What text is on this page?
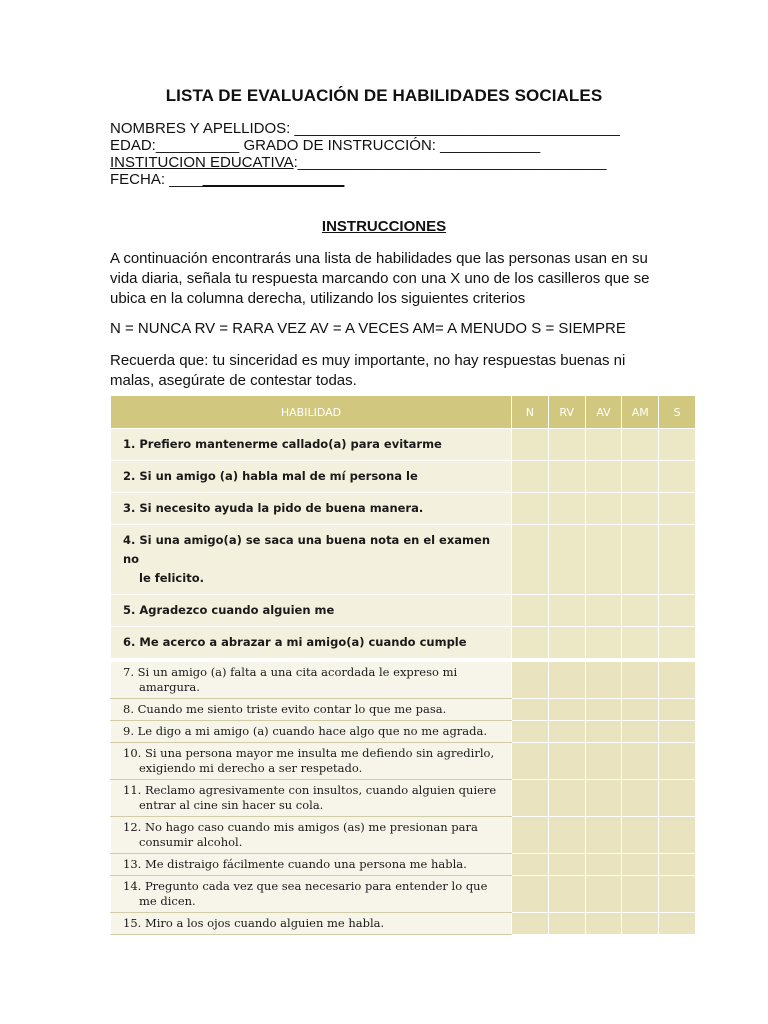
LISTA DE EVALUACIÓN DE HABILIDADES SOCIALES
NOMBRES Y APELLIDOS: _______________________________________
EDAD:__________ GRADO DE INSTRUCCIÓN: ____________
INSTITUCION EDUCATIVA:_____________________________________
FECHA: _____________________
INSTRUCCIONES
A continuación encontrarás una lista de habilidades que las personas usan en su vida diaria, señala tu respuesta marcando con una X uno de los casilleros que se ubica en la columna derecha, utilizando los siguientes criterios
N = NUNCA RV = RARA VEZ AV = A VECES AM= A MENUDO S = SIEMPRE
Recuerda que: tu sinceridad es muy importante, no hay respuestas buenas ni malas, asegúrate de contestar todas.
HABILIDAD	N	RV	AV	AM	S
1. Prefiero mantenerme callado(a) para evitarme					
2. Si un amigo (a) habla mal de mí persona le					
3. Si necesito ayuda la pido de buena manera.					
4. Si una amigo(a) se saca una buena nota en el examen no
le felicito.					

5. Agradezco cuando alguien me					
6. Me acerco a abrazar a mi amigo(a) cuando cumple					

7. Si un amigo (a) falta a una cita acordada le expreso mi
amargura.					

8. Cuando me siento triste evito contar lo que me pasa.					
9. Le digo a mi amigo (a) cuando hace algo que no me agrada.					
10. Si una persona mayor me insulta me defiendo sin agredirlo,
exigiendo mi derecho a ser respetado.					

11. Reclamo agresivamente con insultos, cuando alguien quiere
entrar al cine sin hacer su cola.					

12. No hago caso cuando mis amigos (as) me presionan para
consumir alcohol.					

13. Me distraigo fácilmente cuando una persona me habla.					
14. Pregunto cada vez que sea necesario para entender lo que
me dicen.					

15. Miro a los ojos cuando alguien me habla.					
